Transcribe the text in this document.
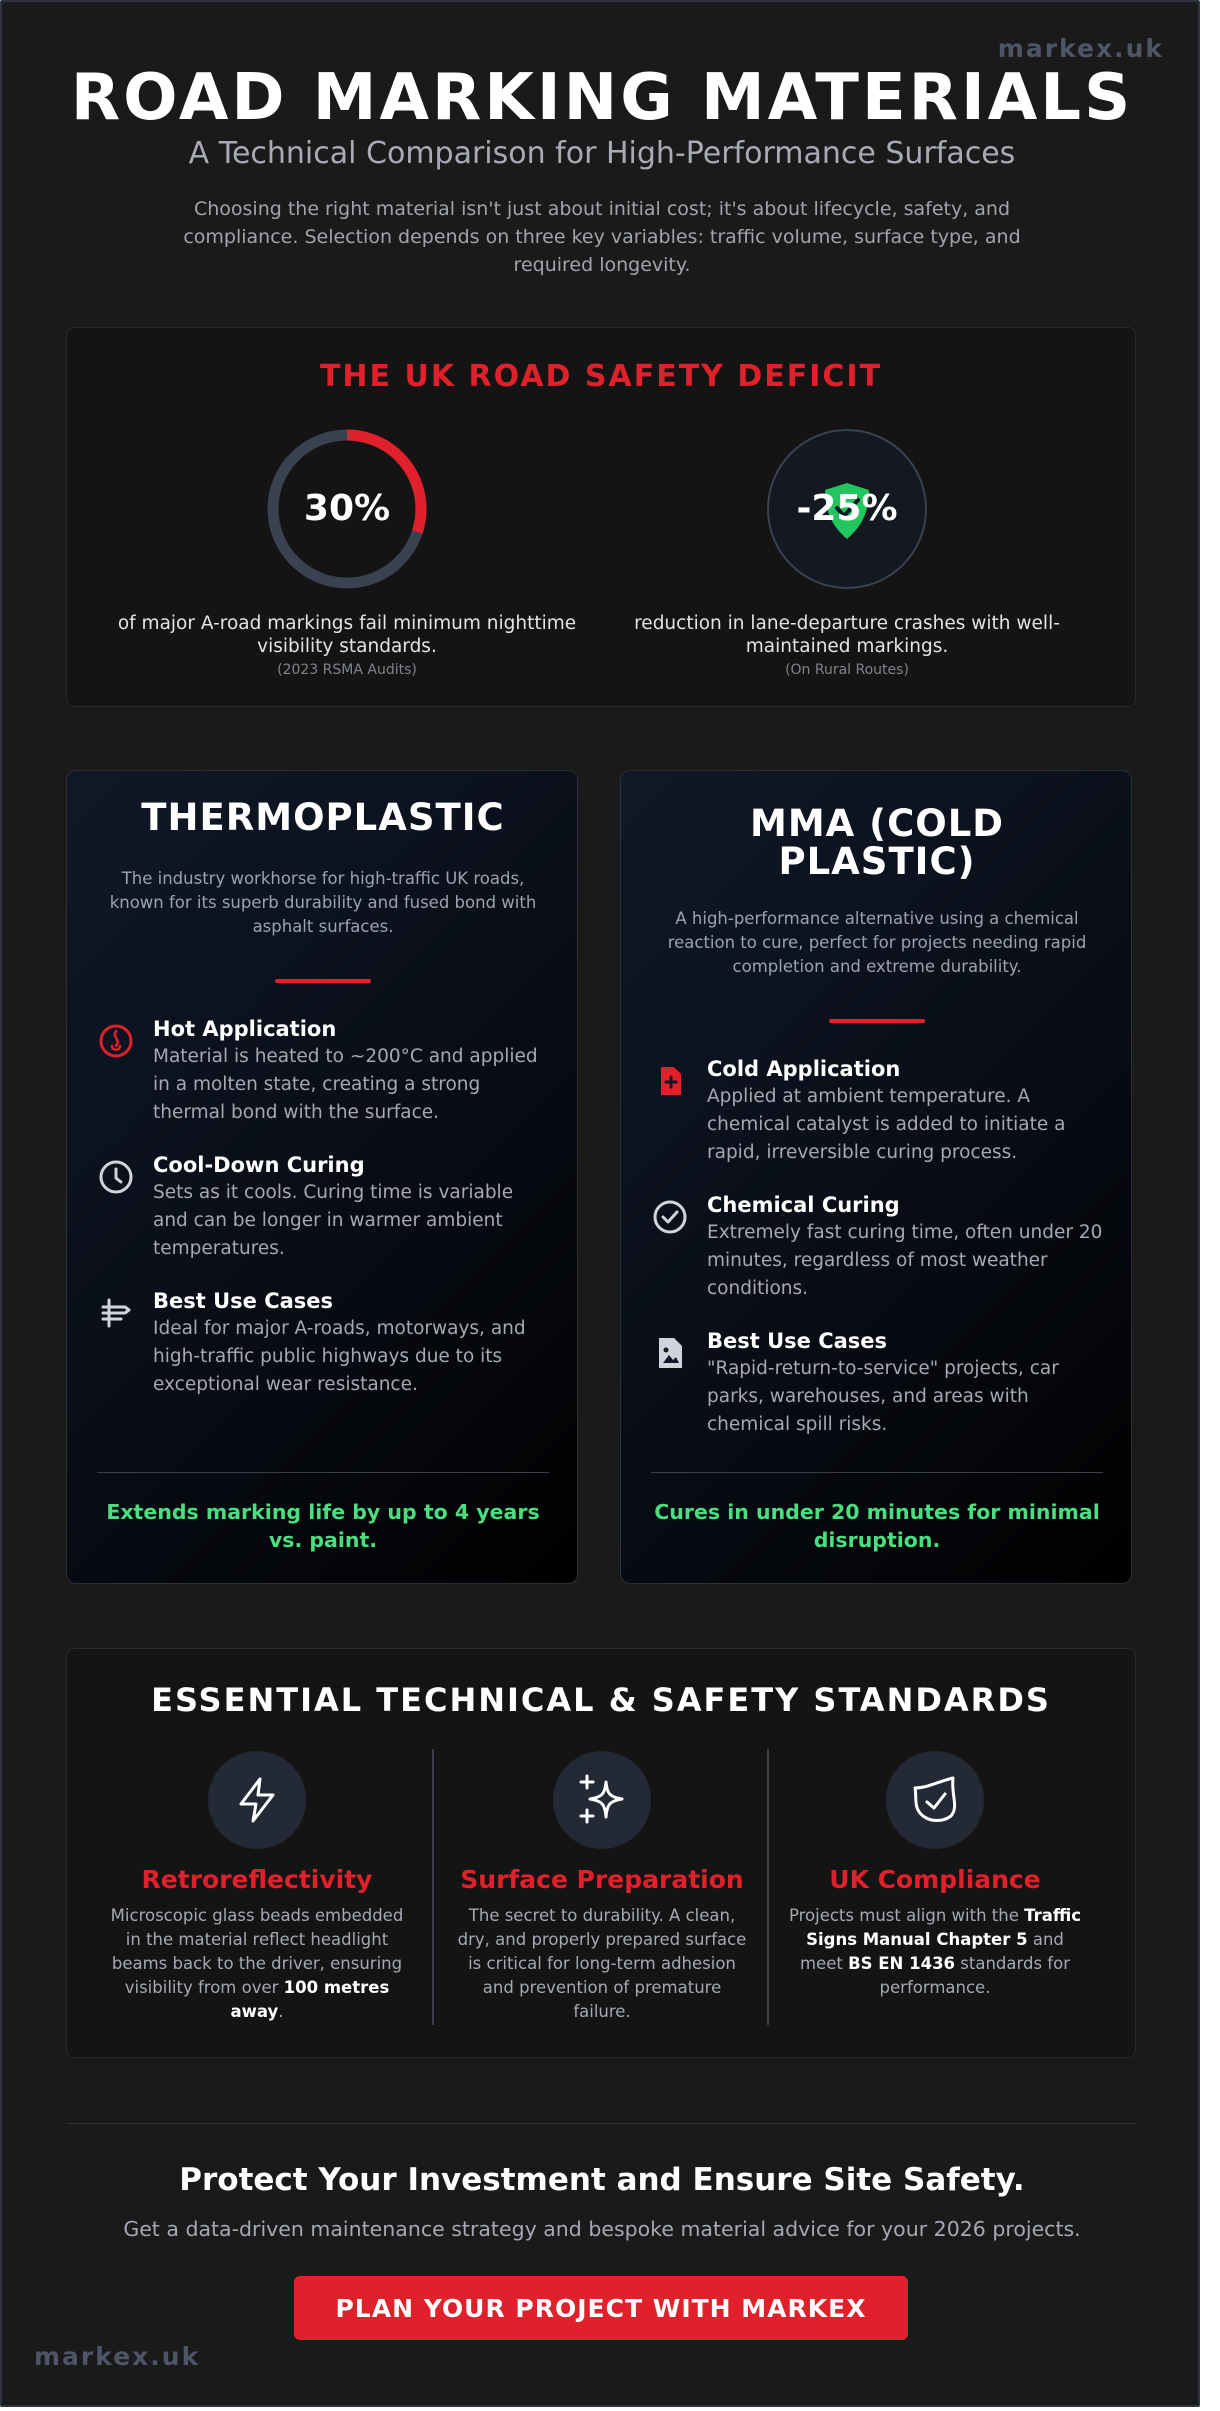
markex.uk
ROAD MARKING MATERIALS
A Technical Comparison for High-Performance Surfaces
Choosing the right material isn't just about initial cost; it's about lifecycle, safety, and compliance. Selection depends on three key variables: traffic volume, surface type, and required longevity.
THE UK ROAD SAFETY DEFICIT
30%
of major A-road markings fail minimum nighttime visibility standards.
(2023 RSMA Audits)
-25%
reduction in lane-departure crashes with well-maintained markings.
(On Rural Routes)
THERMOPLASTIC
The industry workhorse for high-traffic UK roads, known for its superb durability and fused bond with asphalt surfaces.
Hot Application
Material is heated to ~200°C and applied in a molten state, creating a strong thermal bond with the surface.
Cool-Down Curing
Sets as it cools. Curing time is variable and can be longer in warmer ambient temperatures.
Best Use Cases
Ideal for major A-roads, motorways, and high-traffic public highways due to its exceptional wear resistance.
Extends marking life by up to 4 years vs. paint.
MMA (COLD PLASTIC)
A high-performance alternative using a chemical reaction to cure, perfect for projects needing rapid completion and extreme durability.
Cold Application
Applied at ambient temperature. A chemical catalyst is added to initiate a rapid, irreversible curing process.
Chemical Curing
Extremely fast curing time, often under 20 minutes, regardless of most weather conditions.
Best Use Cases
"Rapid-return-to-service" projects, car parks, warehouses, and areas with chemical spill risks.
Cures in under 20 minutes for minimal disruption.
ESSENTIAL TECHNICAL & SAFETY STANDARDS
Retroreflectivity
Microscopic glass beads embedded in the material reflect headlight beams back to the driver, ensuring visibility from over 100 metres away.
Surface Preparation
The secret to durability. A clean, dry, and properly prepared surface is critical for long-term adhesion and prevention of premature failure.
UK Compliance
Projects must align with the Traffic Signs Manual Chapter 5 and meet BS EN 1436 standards for performance.
Protect Your Investment and Ensure Site Safety.
Get a data-driven maintenance strategy and bespoke material advice for your 2026 projects.
PLAN YOUR PROJECT WITH MARKEX
markex.uk
